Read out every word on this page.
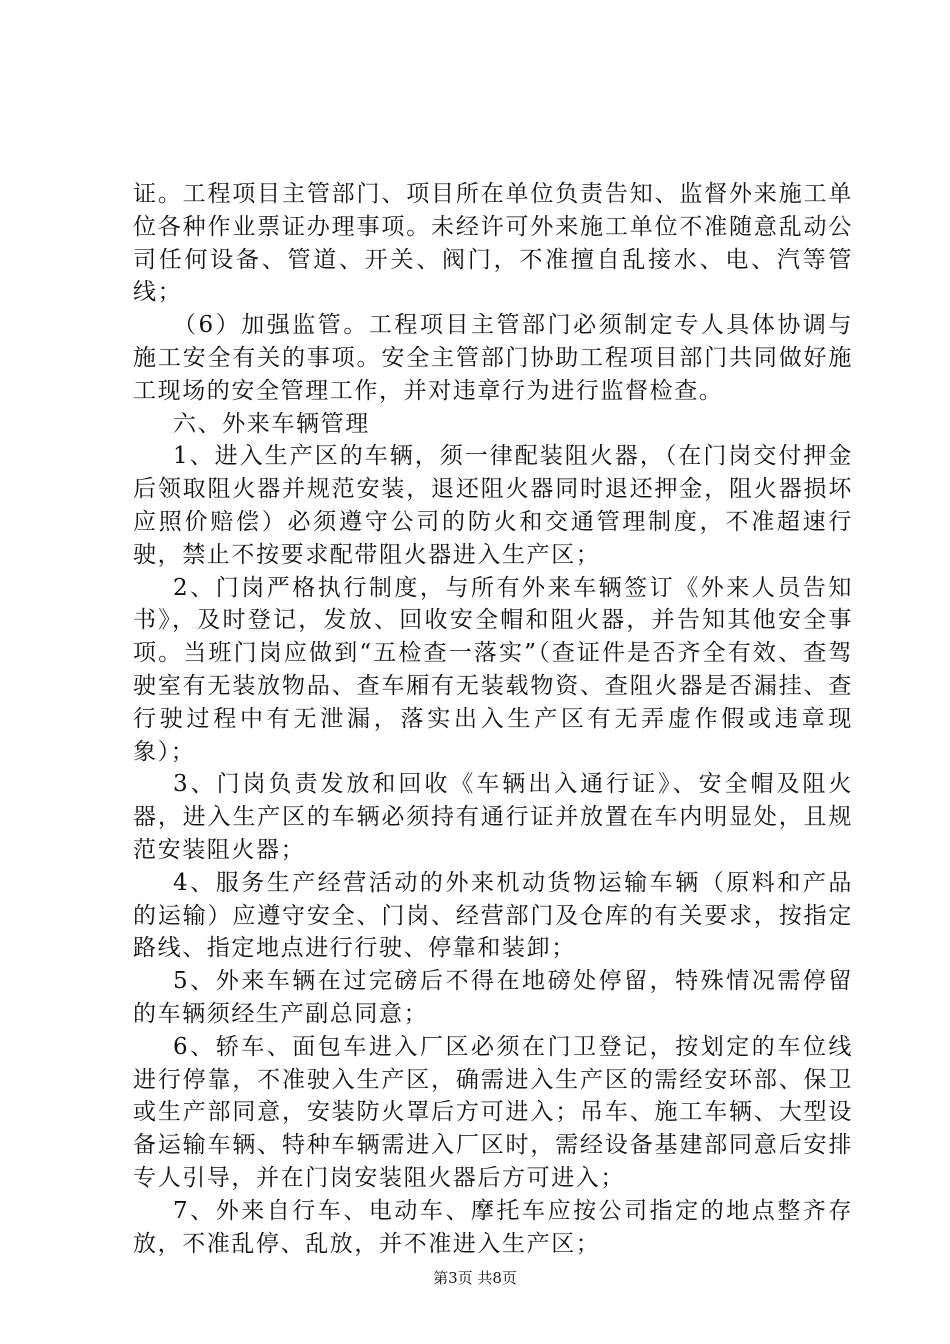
证。工程项目主管部门、项目所在单位负责告知、监督外来施工单位各种作业票证办理事项。未经许可外来施工单位不准随意乱动公司任何设备、管道、开关、阀门，不准擅自乱接水、电、汽等管线；

（6）加强监管。工程项目主管部门必须制定专人具体协调与施工安全有关的事项。安全主管部门协助工程项目部门共同做好施工现场的安全管理工作，并对违章行为进行监督检查。

六、外来车辆管理

1、进入生产区的车辆，须一律配装阻火器，（在门岗交付押金后领取阻火器并规范安装，退还阻火器同时退还押金，阻火器损坏应照价赔偿）必须遵守公司的防火和交通管理制度，不准超速行驶，禁止不按要求配带阻火器进入生产区；

2、门岗严格执行制度，与所有外来车辆签订《外来人员告知书》，及时登记，发放、回收安全帽和阻火器，并告知其他安全事项。当班门岗应做到“五检查一落实”（查证件是否齐全有效、查驾驶室有无装放物品、查车厢有无装载物资、查阻火器是否漏挂、查行驶过程中有无泄漏，落实出入生产区有无弄虚作假或违章现象）；

3、门岗负责发放和回收《车辆出入通行证》、安全帽及阻火器，进入生产区的车辆必须持有通行证并放置在车内明显处，且规范安装阻火器；

4、服务生产经营活动的外来机动货物运输车辆（原料和产品的运输）应遵守安全、门岗、经营部门及仓库的有关要求，按指定路线、指定地点进行行驶、停靠和装卸；

5、外来车辆在过完磅后不得在地磅处停留，特殊情况需停留的车辆须经生产副总同意；

6、轿车、面包车进入厂区必须在门卫登记，按划定的车位线进行停靠，不准驶入生产区，确需进入生产区的需经安环部、保卫或生产部同意，安装防火罩后方可进入；吊车、施工车辆、大型设备运输车辆、特种车辆需进入厂区时，需经设备基建部同意后安排专人引导，并在门岗安装阻火器后方可进入；

7、外来自行车、电动车、摩托车应按公司指定的地点整齐存放，不准乱停、乱放，并不准进入生产区；

第3页 共8页
